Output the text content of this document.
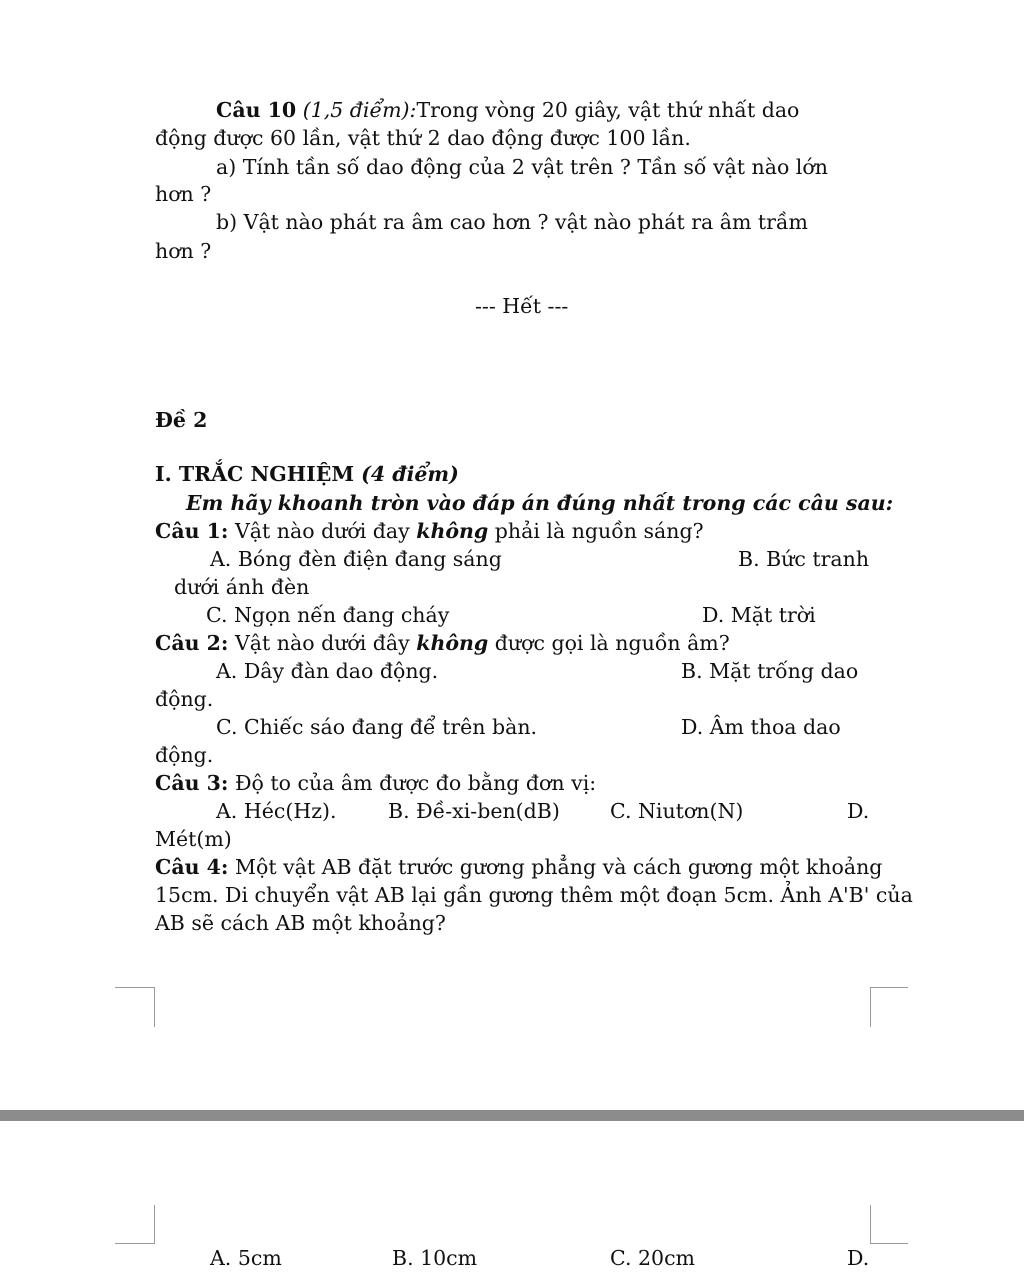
Câu 10 (1,5 điểm):Trong vòng 20 giây, vật thứ nhất dao
động được 60 lần, vật thứ 2 dao động được 100 lần.
a) Tính tần số dao động của 2 vật trên ? Tần số vật nào lớn
hơn ?
b) Vật nào phát ra âm cao hơn ? vật nào phát ra âm trầm
hơn ?
--- Hết ---
Đề 2
I. TRẮC NGHIỆM (4 điểm)
Em hãy khoanh tròn vào đáp án đúng nhất trong các câu sau:
Câu 1: Vật nào dưới đay không phải là nguồn sáng?
A. Bóng đèn điện đang sáng	B. Bức tranh
dưới ánh đèn
C. Ngọn nến đang cháy	D. Mặt trời
Câu 2: Vật nào dưới đây không được gọi là nguồn âm?
A. Dây đàn dao động.	B. Mặt trống dao
động.
C. Chiếc sáo đang để trên bàn.	D. Âm thoa dao
động.
Câu 3: Độ to của âm được đo bằng đơn vị:
A. Héc(Hz).	B. Đề-xi-ben(dB) C. Niutơn(N)	D.
Mét(m)
Câu 4: Một vật AB đặt trước gương phẳng và cách gương một khoảng
15cm. Di chuyển vật AB lại gần gương thêm một đoạn 5cm. Ảnh A'B' của
AB sẽ cách AB một khoảng?
A. 5cm	B. 10cm	C. 20cm	D.
